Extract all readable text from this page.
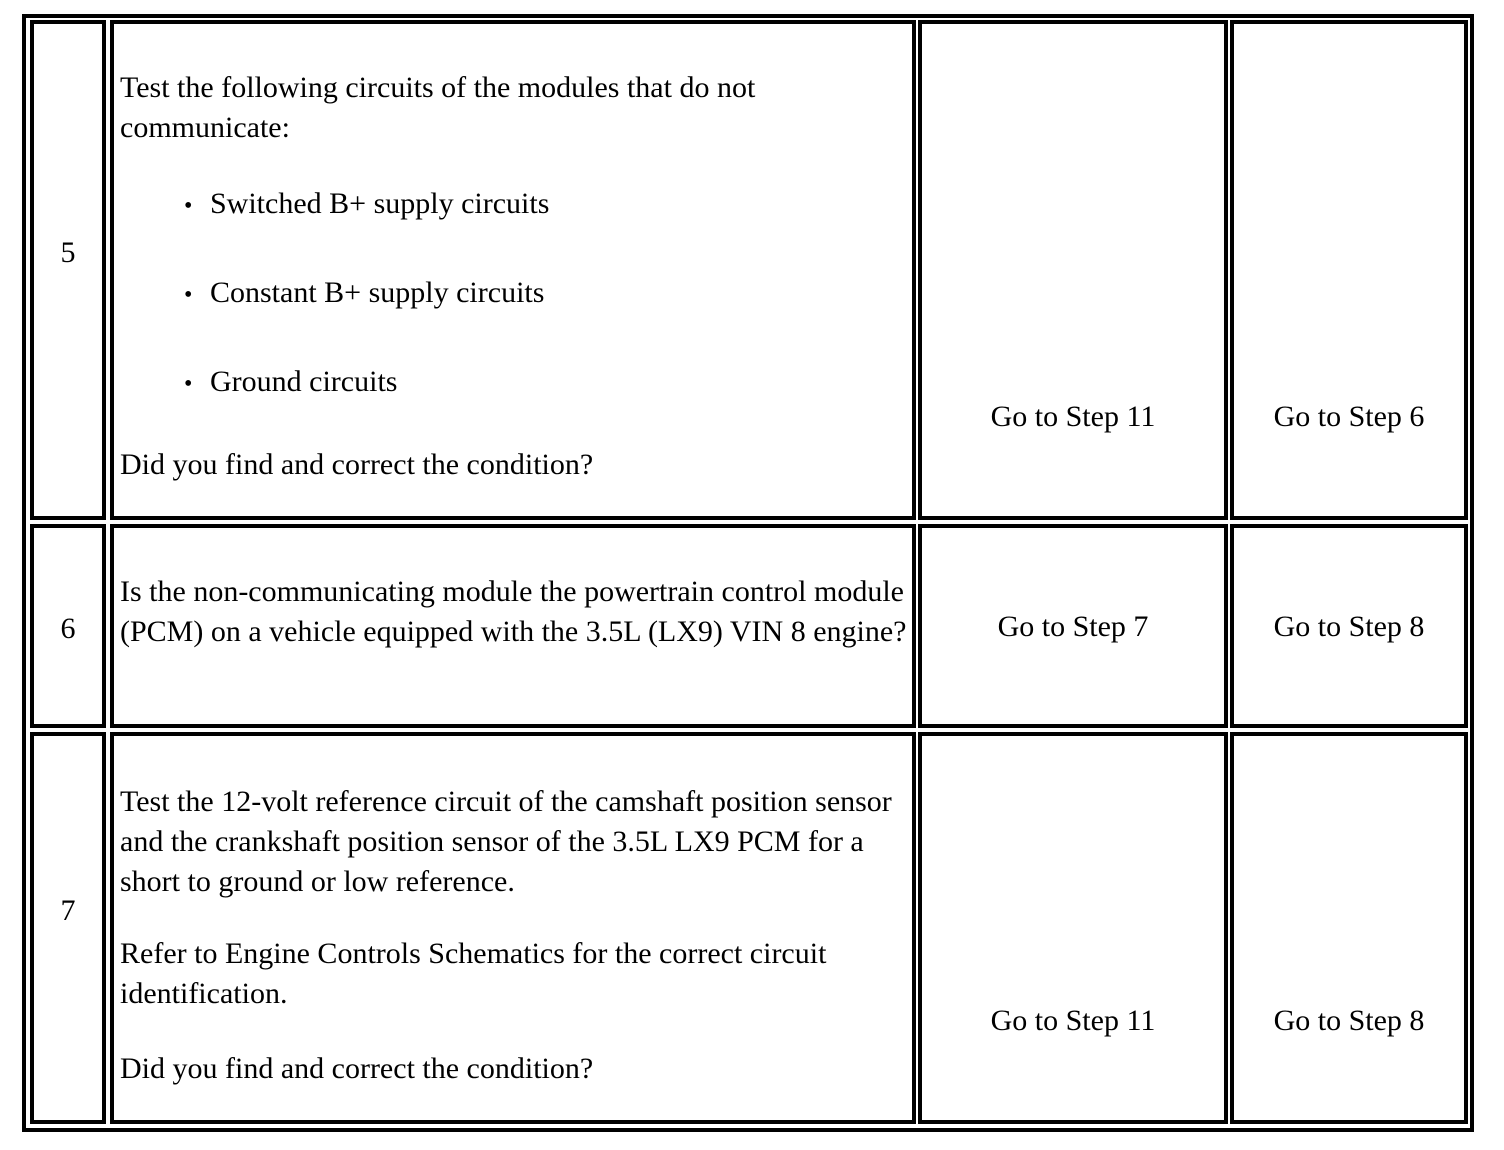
5

Test the following circuits of the modules that do not communicate:

• Switched B+ supply circuits
• Constant B+ supply circuits
• Ground circuits

Did you find and correct the condition?

Go to Step 11	Go to Step 6
6

Is the non-communicating module the powertrain control module (PCM) on a vehicle equipped with the 3.5L (LX9) VIN 8 engine?	Go to Step 7	Go to Step 8
7

Test the 12-volt reference circuit of the camshaft position sensor and the crankshaft position sensor of the 3.5L LX9 PCM for a short to ground or low reference.

Refer to Engine Controls Schematics for the correct circuit identification.

Did you find and correct the condition?

Go to Step 11	Go to Step 8
